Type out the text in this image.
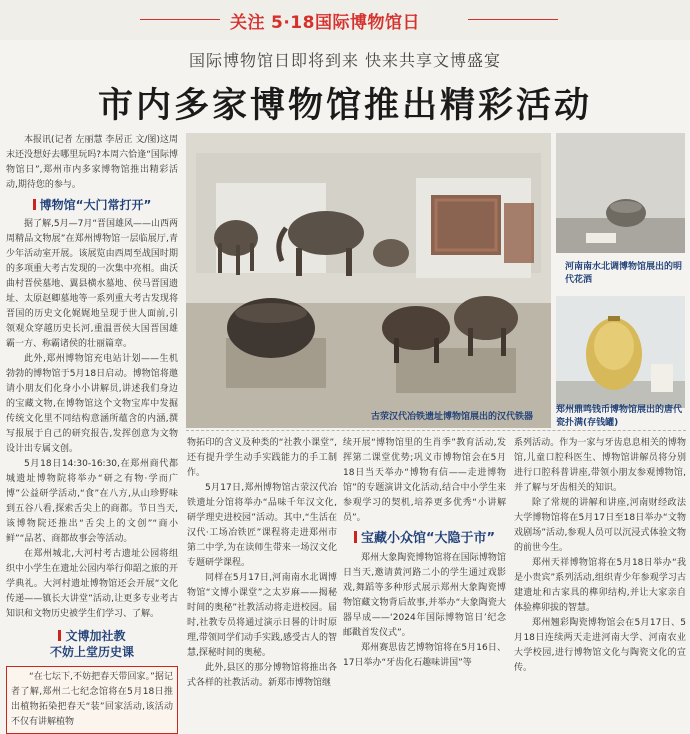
关注 5·18国际博物馆日
国际博物馆日即将到来 快来共享文博盛宴
市内多家博物馆推出精彩活动

本报讯(记者 左丽慧 李居正 文/图)这周末还没想好去哪里玩吗?本周六恰逢“国际博物馆日”,郑州市内多家博物馆推出精彩活动,期待您的参与。

博物馆“大门常打开”

据了解,5月—7月“晋国雄风——山西两周精品文物展”在郑州博物馆一层临展厅,青少年活动室开展。该展览由西周至战国时期的多项重大考古发现的一次集中亮相。曲沃曲村晋侯墓地、翼县横水墓地、侯马晋国遗址、太原赵卿墓地等一系列重大考古发现将晋国的历史文化娓娓地呈现于世人面前,引领观众穿越历史长河,重温晋侯大国晋国雄霸一方、称霸诸侯的壮丽篇章。

此外,郑州博物馆充电站计划——生机勃勃的博物馆于5月18日启动。博物馆将邀请小朋友们化身小小讲解员,讲述我们身边的宝藏文物,在博物馆这个文物宝库中发掘传统文化里不同结构意涵所蕴含的内涵,撰写报展于自己的研究报告,发挥创意为文物设计出专属文创。

5月18日14:30-16:30,在郑州商代都城遗址博物院将举办“研之有物·学而广博”公益研学活动,“食”在八方,从山珍野味到五谷八看,探索舌尖上的商都。节日当天,该博物院还推出“舌尖上的文创”“商小鲜”“品茗、商都故事会等活动。

在郑州城北,大河村考古遗址公园将组织中小学生在遗址公园内举行仰韶之旅的开学典礼。大河村遗址博物馆还会开展“文化传递——镇长大讲堂”活动,让更多专业考古知识和文物历史被学生们学习、了解。

文博加社教
不妨上堂历史课

“在七坛下,不妨把春天带回家。”据记者了解,郑州二七纪念馆将在5月18日推出植物拓染把春天“装”回家活动,该活动不仅有讲解植物

古荥汉代冶铁遗址博物馆展出的汉代铁器
河南南水北调博物馆展出的明代花洒
郑州鼎鸣钱币博物馆展出的唐代瓷扑满(存钱罐)

物拓印的含义及种类的“社教小课堂”,还有提升学生动手实践能力的手工制作。

5月17日,郑州博物馆古荥汉代冶铁遗址分馆将举办“品味千年汉文化,研学理史进校园”活动。其中,“生活在汉代·工场冶铁匠”课程将走进郑州市第二中学,为在读师生带来一场汉文化专题研学课程。

同样在5月17日,河南南水北调博物馆“文博小课堂”之太岁麻——揭秘时间的奥秘”社教活动将走进校园。届时,社教专员将通过演示日晷的计时原理,带领同学们动手实践,感受古人的智慧,探秘时间的奥秘。

此外,县区的那分博物馆将推出各式各样的社教活动。新郑市博物馆继

续开展“博物馆里的生肖季”教育活动,发挥第二课堂优势;巩义市博物馆会在5月18日当天举办“博物有信——走进博物馆”的专题演讲文化活动,结合中小学生来参观学习的契机,培养更多优秀“小讲解员”。

宝藏小众馆“大隐于市”

郑州大象陶瓷博物馆将在国际博物馆日当天,邀请黄河路二小的学生通过戏影戏,舞蹈等多种形式展示郑州大象陶瓷博物馆藏文物背后故事,并举办“大象陶瓷大器早成——‘2024年国际博物馆日’纪念邮戳首发仪式”。

郑州赛思齿艺博物馆将在5月16日、17日举办“牙齿化石趣味讲国”等

系列活动。作为一家与牙齿息息相关的博物馆,儿童口腔科医生、博物馆讲解员将分别进行口腔科普讲座,带领小朋友参观博物馆,并了解与牙齿相关的知识。

除了常规的讲解和讲座,河南财经政法大学博物馆将在5月17日至18日举办“文物戏剧场”活动,参观人员可以沉浸式体验文物的前世今生。

郑州天祥博物馆将在5月18日举办“我是小贵宾”系列活动,组织青少年参观学习古建遗址和古家具的榫卯结构,并让大家亲自体验榫卯拔的智慧。

郑州翘彩陶瓷博物馆会在5月17日、5月18日连续两天走进河南大学、河南农业大学校园,进行博物馆文化与陶瓷文化的宣传。
